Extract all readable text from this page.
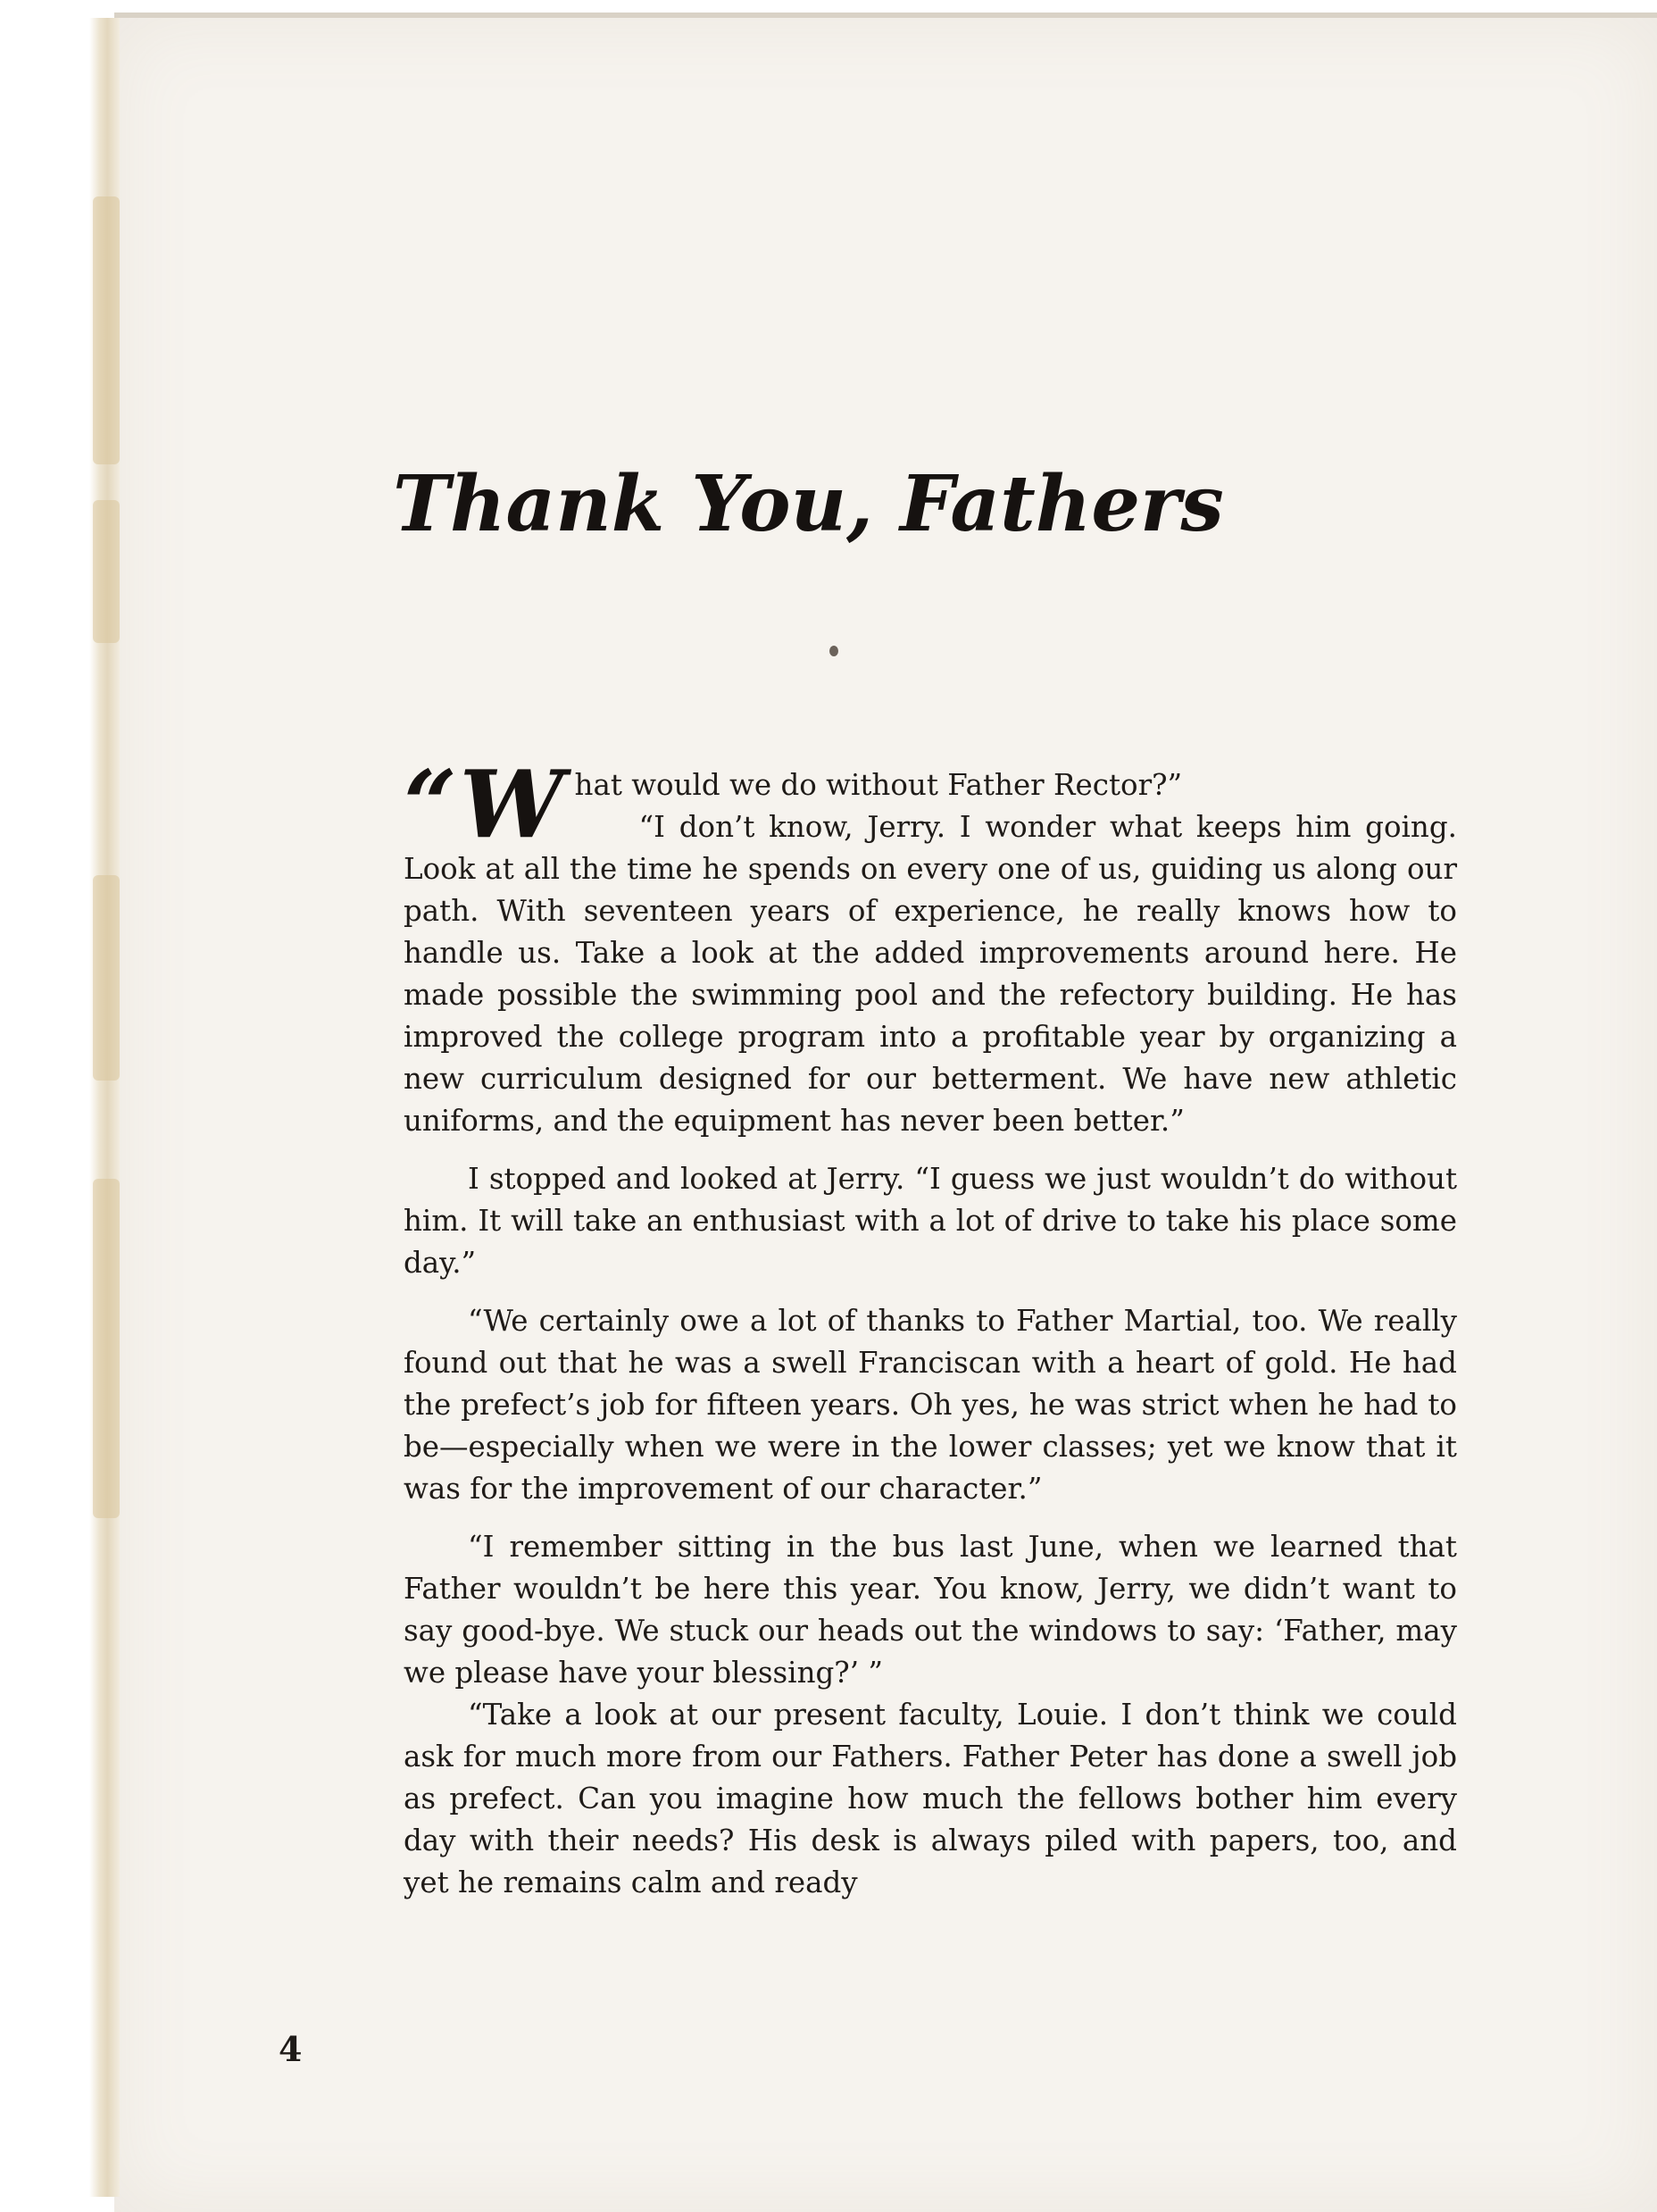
Thank You, Fathers

“What would we do without Father Rector?”

“I don’t know, Jerry. I wonder what keeps him going. Look at all the time he spends on every one of us, guiding us along our path. With seventeen years of experience, he really knows how to handle us. Take a look at the added improvements around here. He made possible the swimming pool and the refectory building. He has improved the college program into a profitable year by organizing a new curriculum designed for our betterment. We have new athletic uniforms, and the equipment has never been better.”

I stopped and looked at Jerry. “I guess we just wouldn’t do without him. It will take an enthusiast with a lot of drive to take his place some day.”

“We certainly owe a lot of thanks to Father Martial, too. We really found out that he was a swell Franciscan with a heart of gold. He had the prefect’s job for fifteen years. Oh yes, he was strict when he had to be—especially when we were in the lower classes; yet we know that it was for the improvement of our character.”

“I remember sitting in the bus last June, when we learned that Father wouldn’t be here this year. You know, Jerry, we didn’t want to say good-bye. We stuck our heads out the windows to say: ‘Father, may we please have your blessing?’ ”

“Take a look at our present faculty, Louie. I don’t think we could ask for much more from our Fathers. Father Peter has done a swell job as prefect. Can you imagine how much the fellows bother him every day with their needs? His desk is always piled with papers, too, and yet he remains calm and ready

4
